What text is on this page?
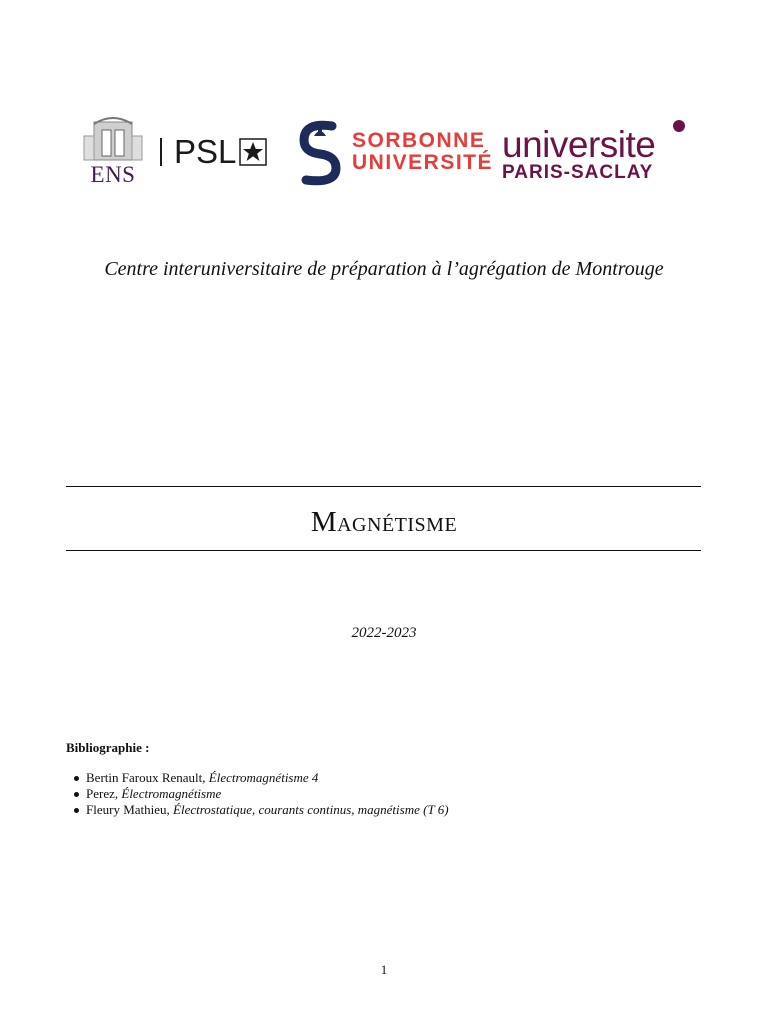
ENS
PSL	SORBONNE
UNIVERSITÉ universite
PARIS-SACLAY
Centre interuniversitaire de préparation à l’agrégation de Montrouge
Magnétisme
2022-2023
Bibliographie :
Bertin Faroux Renault, Électromagnétisme 4
Perez, Électromagnétisme
Fleury Mathieu, Électrostatique, courants continus, magnétisme (T 6)
1
